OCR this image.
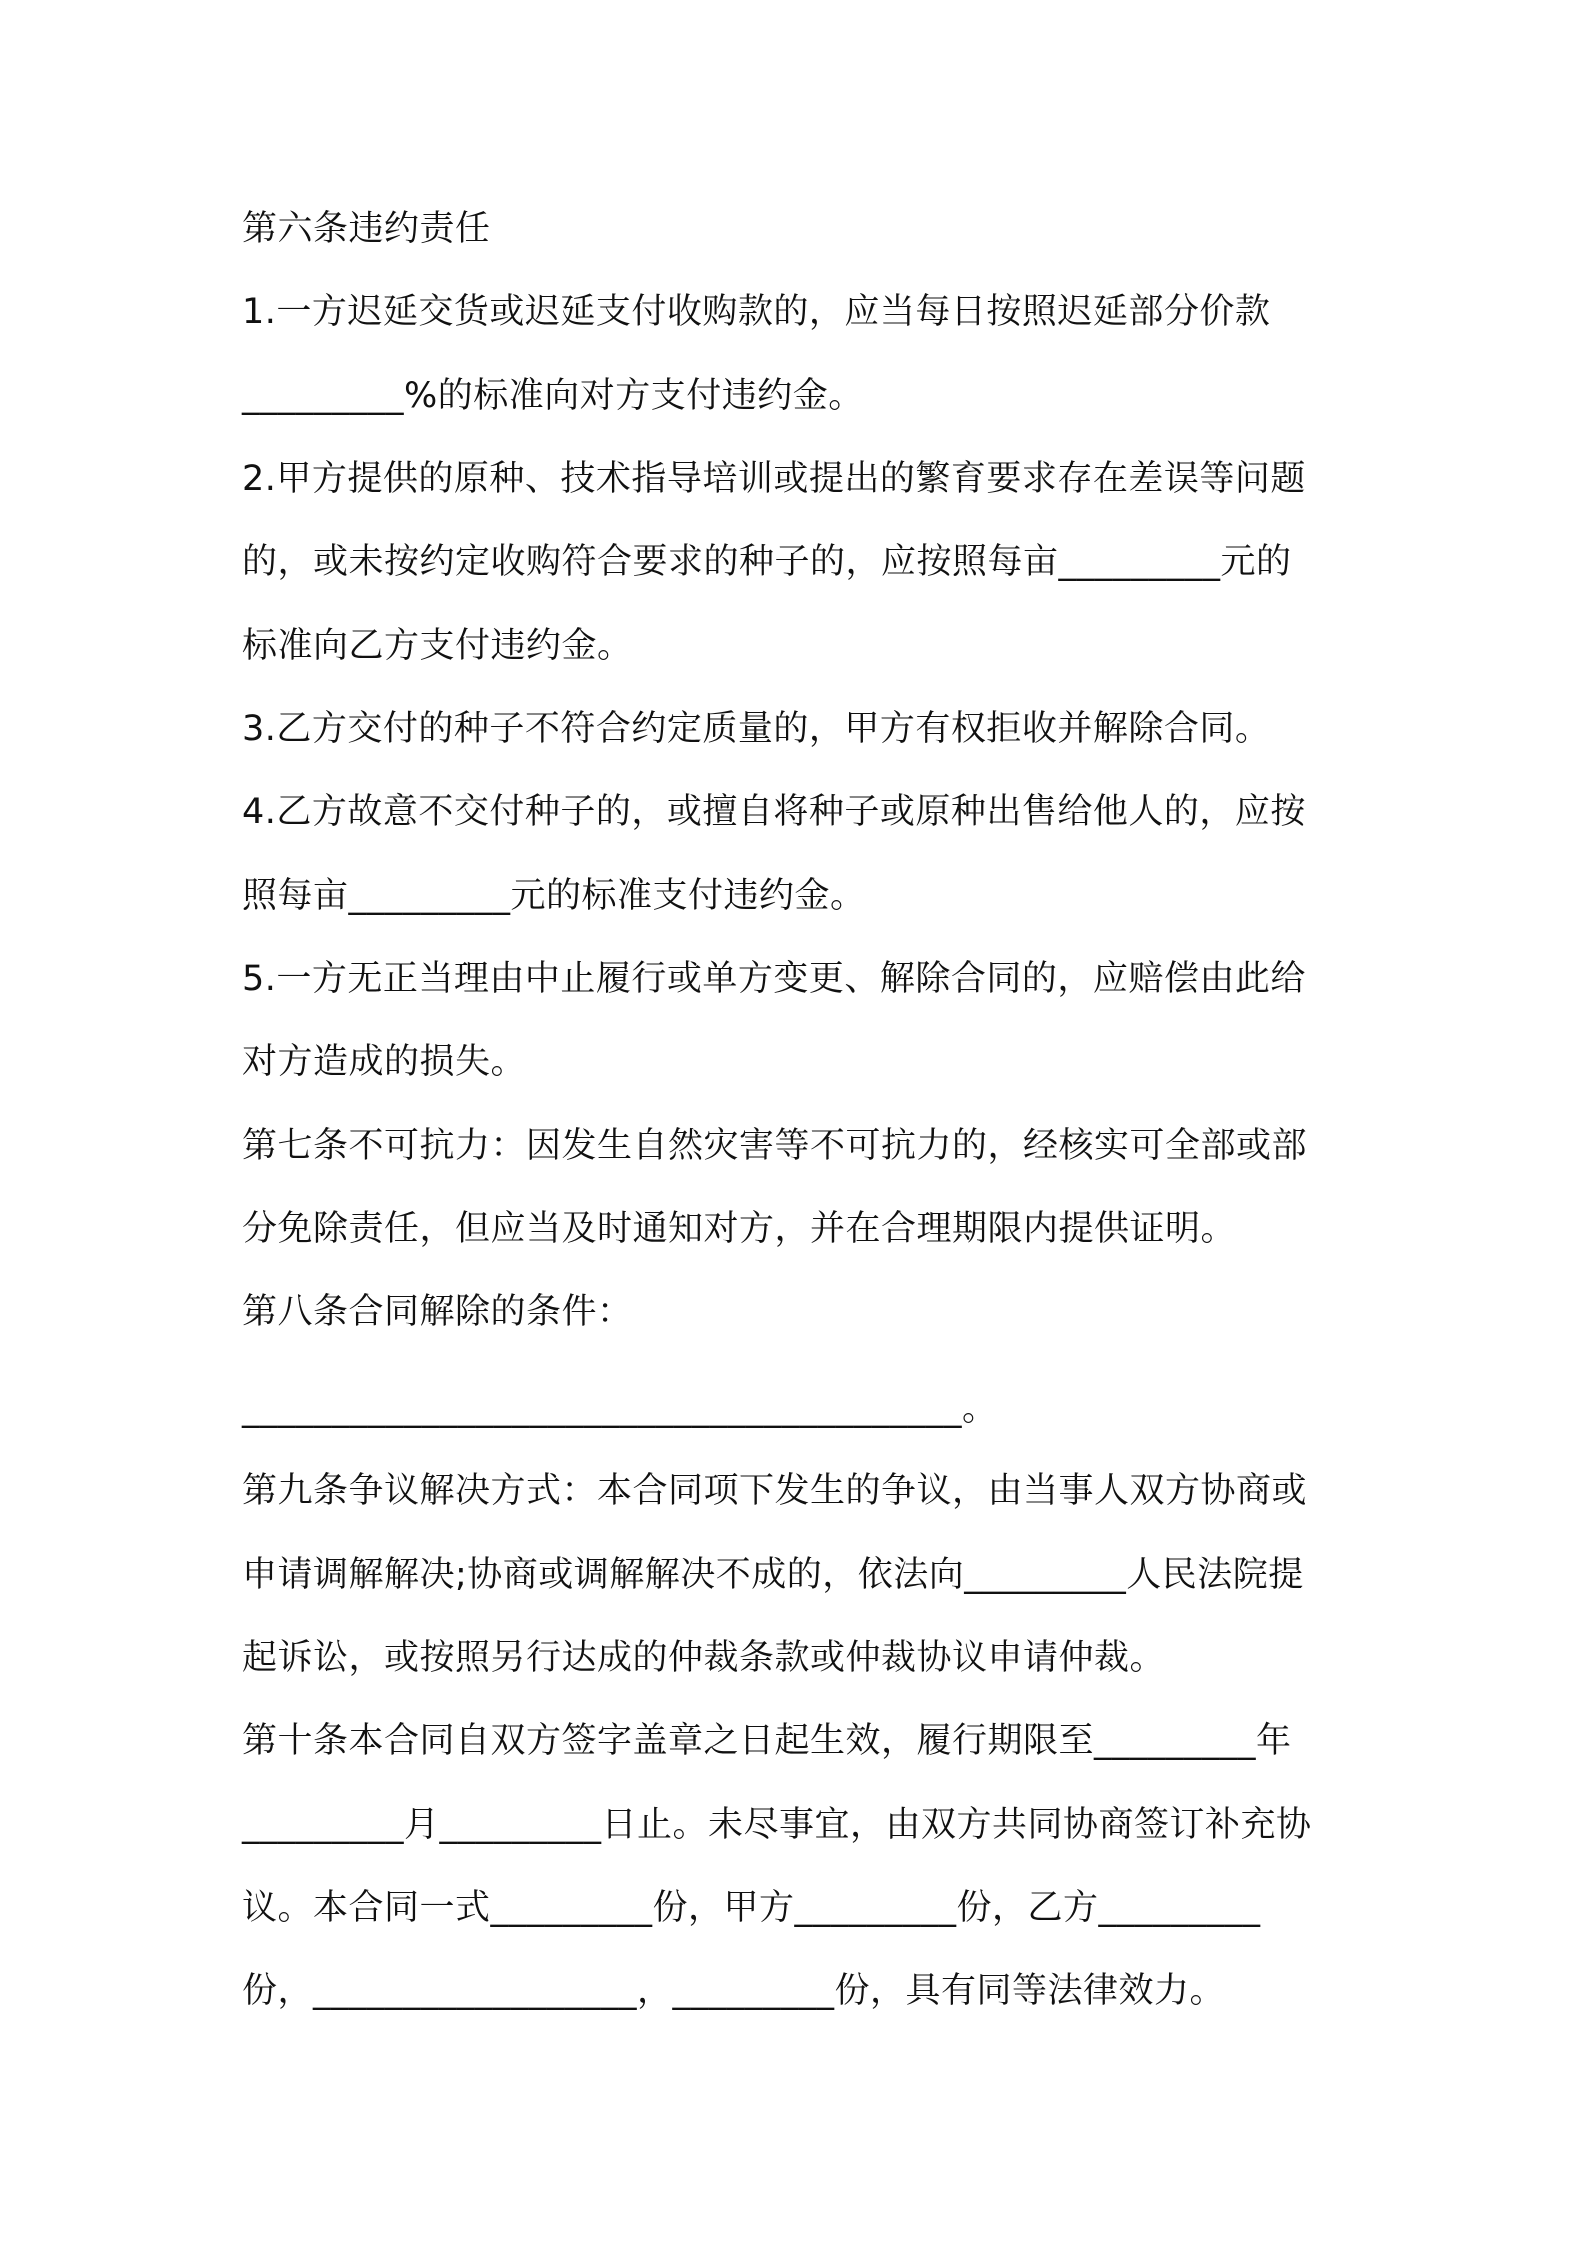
第六条违约责任
1.一方迟延交货或迟延支付收购款的，应当每日按照迟延部分价款
_________%的标准向对方支付违约金。
2.甲方提供的原种、技术指导培训或提出的繁育要求存在差误等问题
的，或未按约定收购符合要求的种子的，应按照每亩_________元的
标准向乙方支付违约金。
3.乙方交付的种子不符合约定质量的，甲方有权拒收并解除合同。
4.乙方故意不交付种子的，或擅自将种子或原种出售给他人的，应按
照每亩_________元的标准支付违约金。
5.一方无正当理由中止履行或单方变更、解除合同的，应赔偿由此给
对方造成的损失。
第七条不可抗力：因发生自然灾害等不可抗力的，经核实可全部或部
分免除责任，但应当及时通知对方，并在合理期限内提供证明。
第八条合同解除的条件：
________________________________________。
第九条争议解决方式：本合同项下发生的争议，由当事人双方协商或
申请调解解决;协商或调解解决不成的，依法向_________人民法院提
起诉讼，或按照另行达成的仲裁条款或仲裁协议申请仲裁。
第十条本合同自双方签字盖章之日起生效，履行期限至_________年
_________月_________日止。未尽事宜，由双方共同协商签订补充协
议。本合同一式_________份，甲方_________份，乙方_________
份，__________________，_________份，具有同等法律效力。
